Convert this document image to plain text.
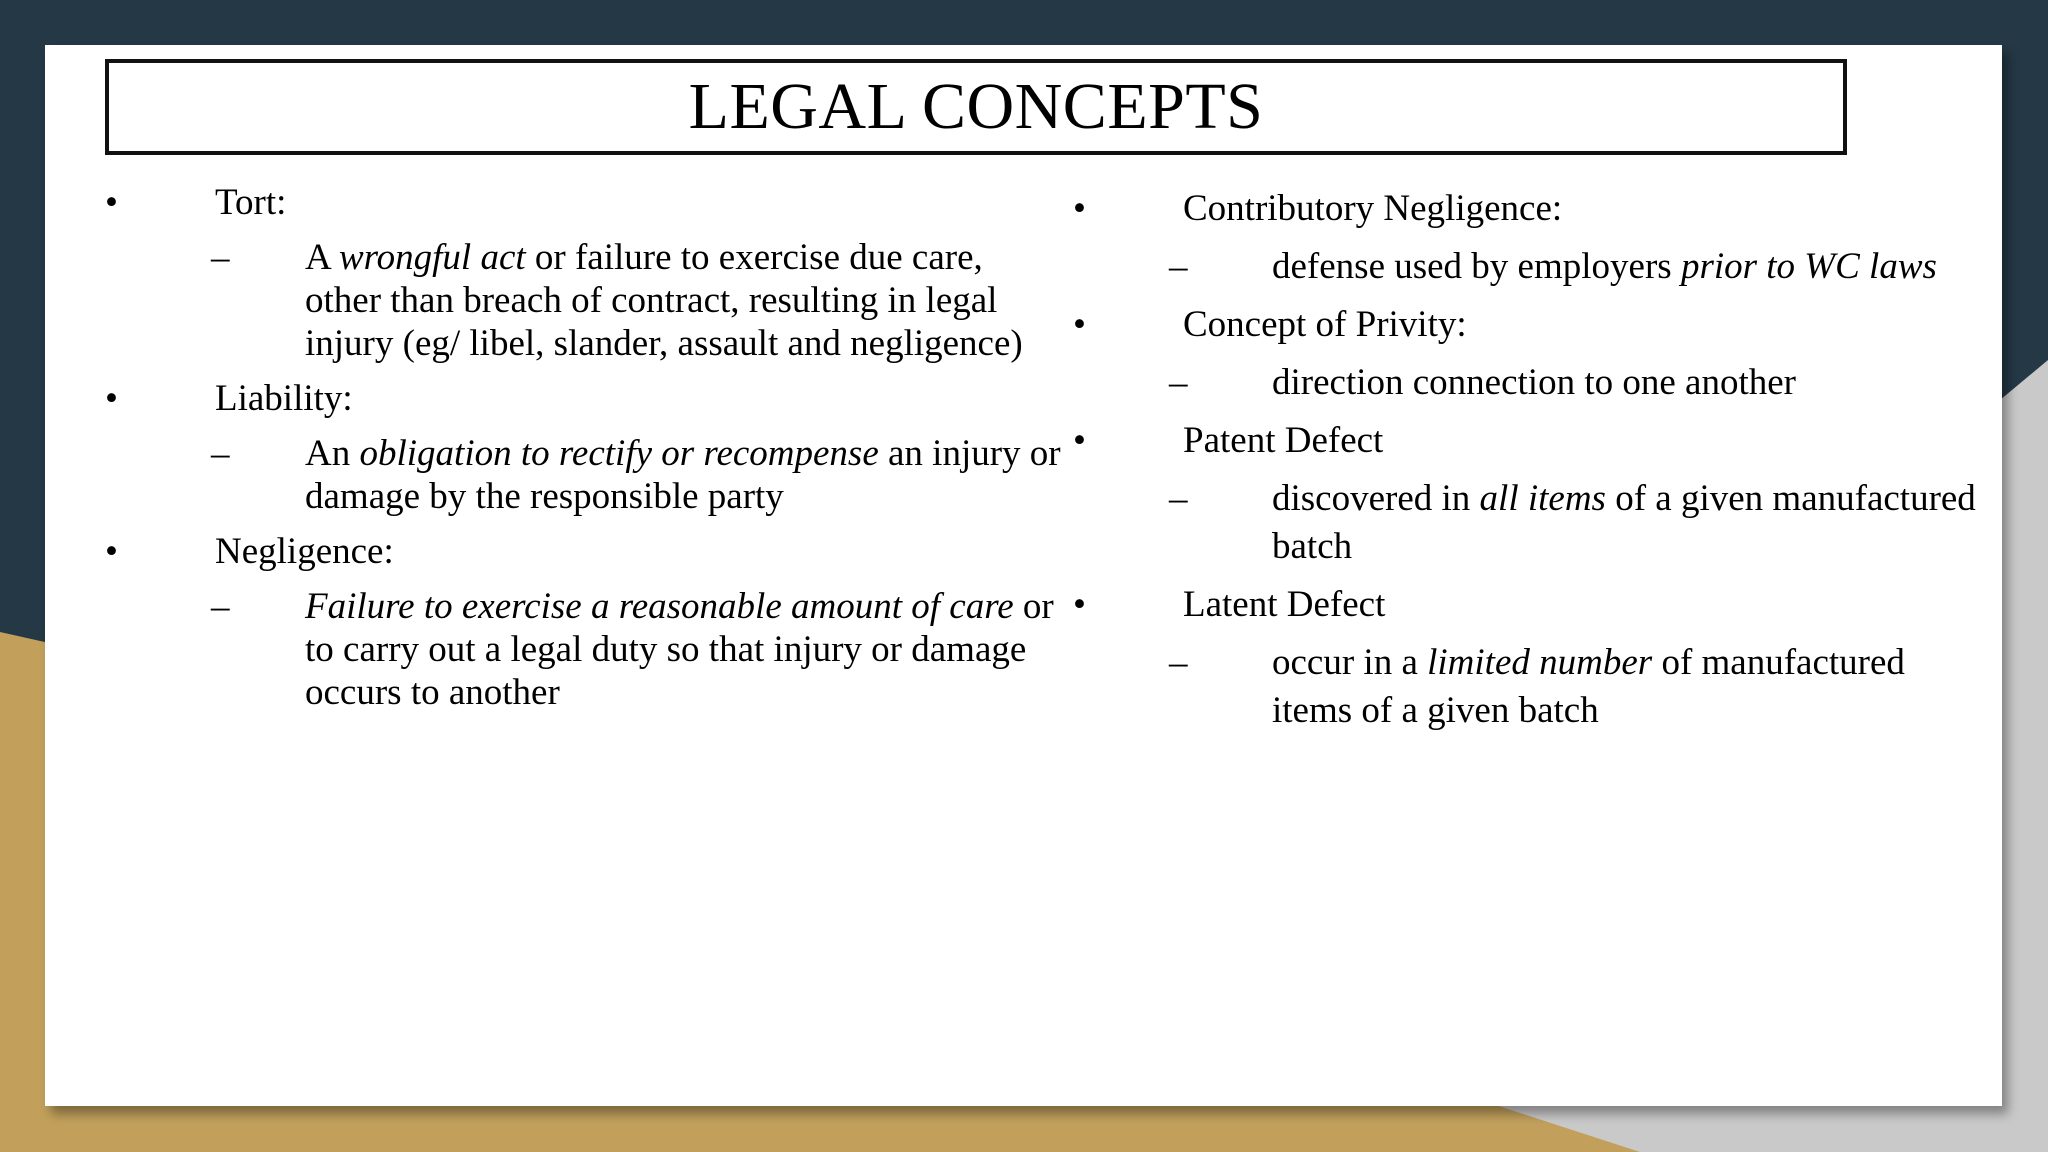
LEGAL CONCEPTS
•	Tort:
– A wrongful act or failure to exercise due care, other than breach of contract, resulting in legal injury (eg/ libel, slander, assault and negligence)
•	Liability:
– An obligation to rectify or recompense an injury or damage by the responsible party
•	Negligence:
– Failure to exercise a reasonable amount of care or to carry out a legal duty so that injury or damage occurs to another
•	Contributory Negligence:
– defense used by employers prior to WC laws
•	Concept of Privity:
– direction connection to one another
•	Patent Defect
– discovered in all items of a given manufactured batch
•	Latent Defect
– occur in a limited number of manufactured items of a given batch
